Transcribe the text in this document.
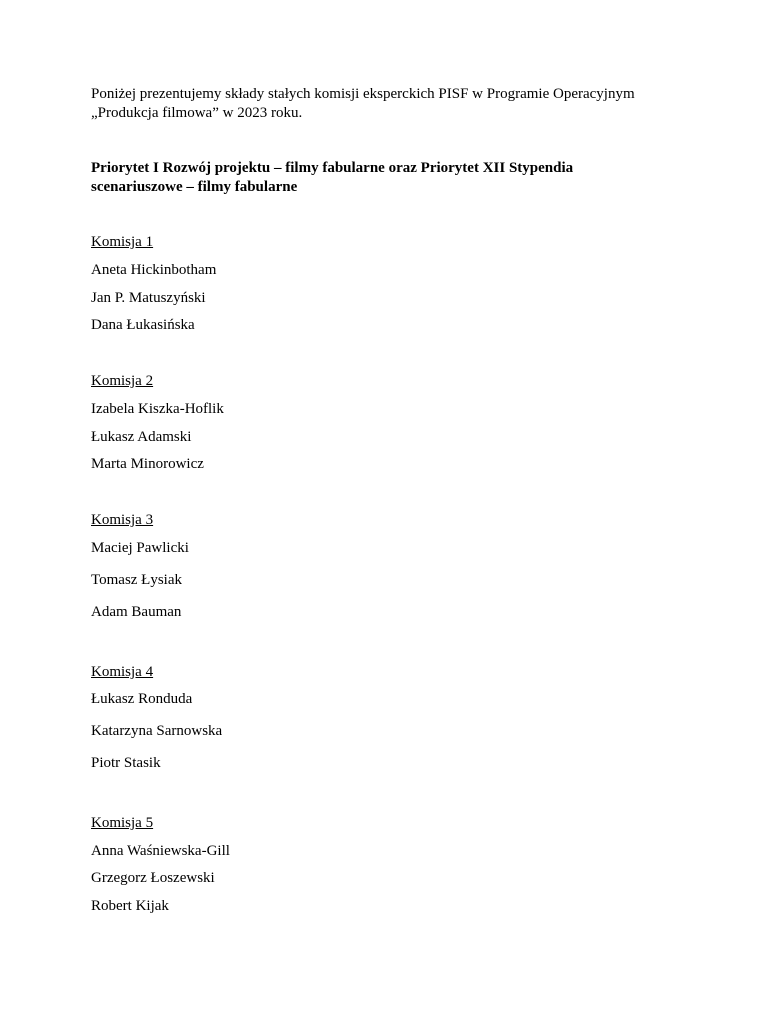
Poniżej prezentujemy składy stałych komisji eksperckich PISF w Programie Operacyjnym
„Produkcja filmowa” w 2023 roku.
Priorytet I Rozwój projektu – filmy fabularne oraz Priorytet XII Stypendia
scenariuszowe – filmy fabularne
Komisja 1
Aneta Hickinbotham
Jan P. Matuszyński
Dana Łukasińska
Komisja 2
Izabela Kiszka-Hoflik
Łukasz Adamski
Marta Minorowicz
Komisja 3
Maciej Pawlicki
Tomasz Łysiak
Adam Bauman
Komisja 4
Łukasz Ronduda
Katarzyna Sarnowska
Piotr Stasik
Komisja 5
Anna Waśniewska-Gill
Grzegorz Łoszewski
Robert Kijak
